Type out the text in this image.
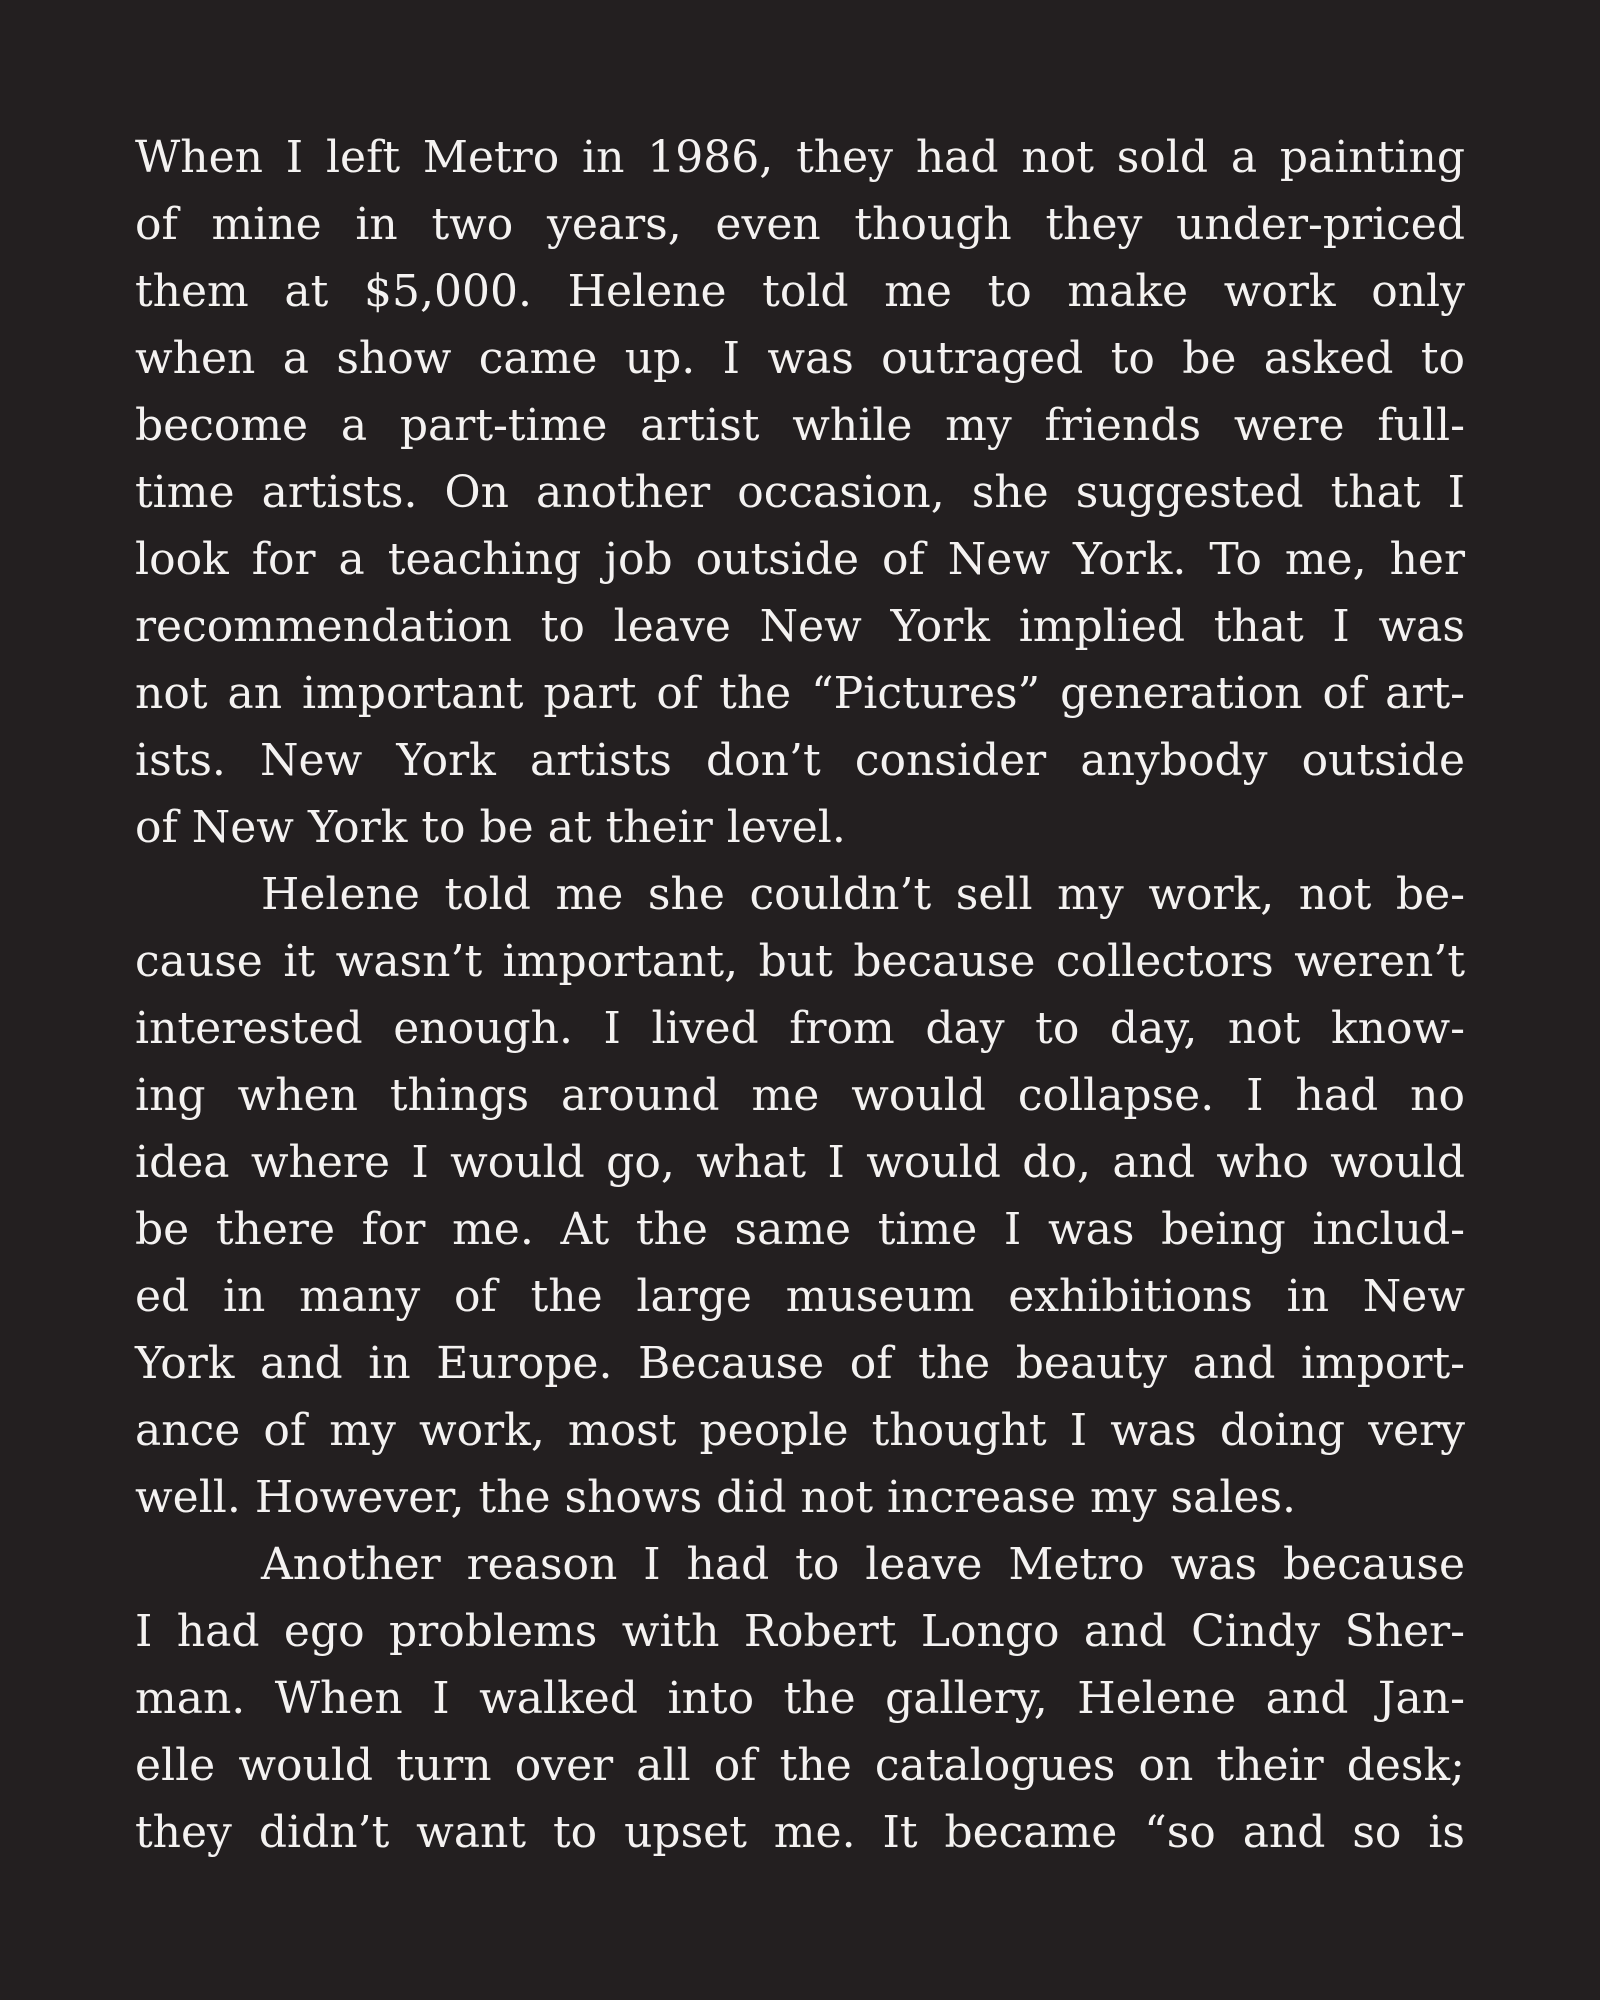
When I left Metro in 1986, they had not sold a painting
of mine in two years, even though they under-priced
them at $5,000. Helene told me to make work only
when a show came up. I was outraged to be asked to
become a part-time artist while my friends were full-
time artists. On another occasion, she suggested that I
look for a teaching job outside of New York. To me, her
recommendation to leave New York implied that I was
not an important part of the “Pictures” generation of art-
ists. New York artists don’t consider anybody outside
of New York to be at their level.
Helene told me she couldn’t sell my work, not be-
cause it wasn’t important, but because collectors weren’t
interested enough. I lived from day to day, not know-
ing when things around me would collapse. I had no
idea where I would go, what I would do, and who would
be there for me. At the same time I was being includ-
ed in many of the large museum exhibitions in New
York and in Europe. Because of the beauty and import-
ance of my work, most people thought I was doing very
well. However, the shows did not increase my sales.
Another reason I had to leave Metro was because
I had ego problems with Robert Longo and Cindy Sher-
man. When I walked into the gallery, Helene and Jan-
elle would turn over all of the catalogues on their desk;
they didn’t want to upset me. It became “so and so is
